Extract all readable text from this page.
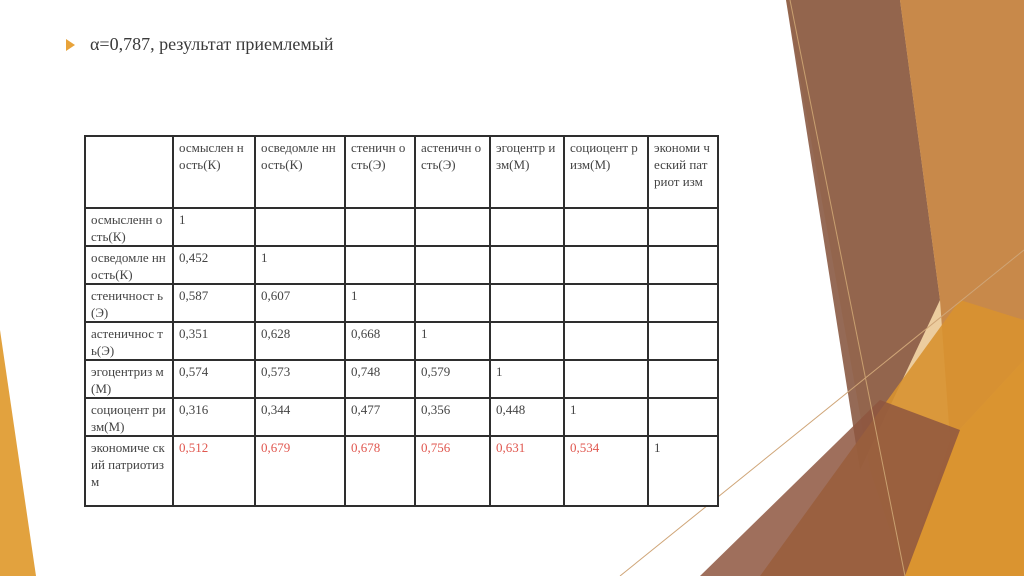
α=0,787, результат приемлемый
	осмыслен ность(К)	осведомле нность(К)	стеничн ость(Э)	астеничн ость(Э)	эгоцентр изм(М)	социоцент ризм(М)	экономи ческий патриот изм
осмысленн ость(К)	1						
осведомле нность(К)	0,452	1					
стеничност ь(Э)	0,587	0,607	1				
астеничнос ть(Э)	0,351	0,628	0,668	1			
эгоцентриз м(М)	0,574	0,573	0,748	0,579	1		
социоцент ризм(М)	0,316	0,344	0,477	0,356	0,448	1	
экономиче ский патриотиз м	0,512	0,679	0,678	0,756	0,631	0,534	1
